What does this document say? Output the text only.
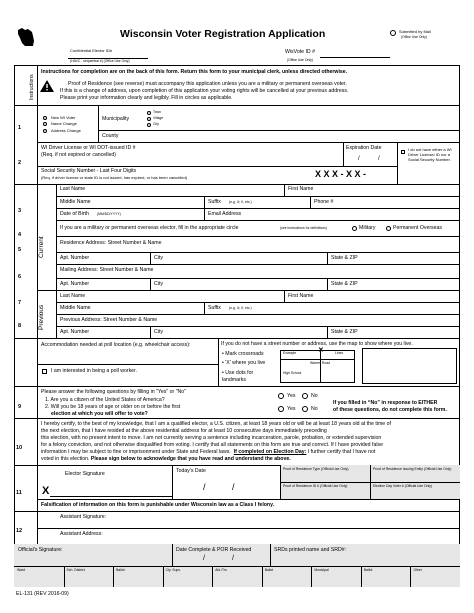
Wisconsin Voter Registration Application	Submitted by Mail
(Office Use Only)
Confidential Elector ID#
(HAVC - sequential #) (Office Use Only)
WisVote ID #
(Office Use Only)
Instructions
Instructions for completion are on the back of this form. Return this form to your municipal clerk, unless directed otherwise.
Proof of Residence (see reverse) must accompany this application unless you are a military or permanent overseas voter.
If this is a change of address, upon completion of this application your voting rights will be cancelled at your previous address.
Please print your information clearly and legibly. Fill in circles as applicable.
1
New WI Voter
Name Change
Address Change
Municipality
Town
Village
City
County
2
WI Driver License or WI DOT-issued ID #
(Req. if not expired or cancelled)
Expiration Date
/	/
I do not have either a WI Driver License/ ID nor a Social Security Number.
Social Security Number - Last Four Digits
(Req. if driver license or state ID is not issued, has expired, or has been cancelled)	X X X - X X -
3
Current
Last Name	First Name
Middle Name	Suffix (e.g. Jr, II, etc.)	Phone #
Date of Birth (MM/DD/YYYY)	Email Address
4
If you are a military or permanent overseas elector, fill in the appropriate circle	(see instructions for definitions)	Military	Permanent Overseas
5
Residence Address: Street Number & Name
Apt. Number	City	State & ZIP
6
Mailing Address: Street Number & Name
Apt. Number	City	State & ZIP
7
Previous
Last Name	First Name
Middle Name	Suffix (e.g. Jr, II, etc.)
8
Previous Address: Street Number & Name
Apt. Number	City	State & ZIP
Accommodation needed at poll location (e.g. wheelchair access):
I am interested in being a poll worker.
If you do not have a street number or address, use the map to show where you live.
• Mark crossroads
• 'X' where you live
• Use dots for landmarks
Example
Warren Road
High School
Lines
✕
9
Please answer the following questions by filling in "Yes" or "No"
1. Are you a citizen of the United States of America?
2. Will you be 18 years of age or older on or before the first
election at which you will offer to vote?
Yes	No
Yes	No
If you filled in “No” in response to EITHER
of these questions, do not complete this form.
10
I hereby certify, to the best of my knowledge, that I am a qualified elector, a U.S. citizen, at least 18 years old or will be at least 18 years old at the time of
the next election, that I have resided at the above residential address for at least 10 consecutive days immediately preceding
this election, with no present intent to move. I am not currently serving a sentence including incarceration, parole, probation, or extended supervision
for a felony conviction, and not otherwise disqualified from voting. I certify that all statements on this form are true and correct. If I have provided false
information I may be subject to fine or imprisonment under State and Federal laws. If completed on Election Day: I further certify that I have not
voted in this election. Please sign below to acknowledge that you have read and understand the above.
11
Elector Signature
X
Today's Date
/	/
Proof of Residence Type (Official Use Only)	Proof of Residence Issuing Entity (Official Use Only)
Proof of Residence ID # (Official Use Only)	Election Day Voter # (Official Use Only)
Falsification of information on this form is punishable under Wisconsin law as a Class I felony.
12
Assistant Signature:
Assistant Address:
Official's Signature:	Date Complete & POR Received
/	/
SRDs printed name and SRD#:
Ward	Sch. District	Ballot	Cty. Supv.	Ald./Trs	Ballot	Municipal	Ballot	Other
EL-131 (REV 2016-09)
